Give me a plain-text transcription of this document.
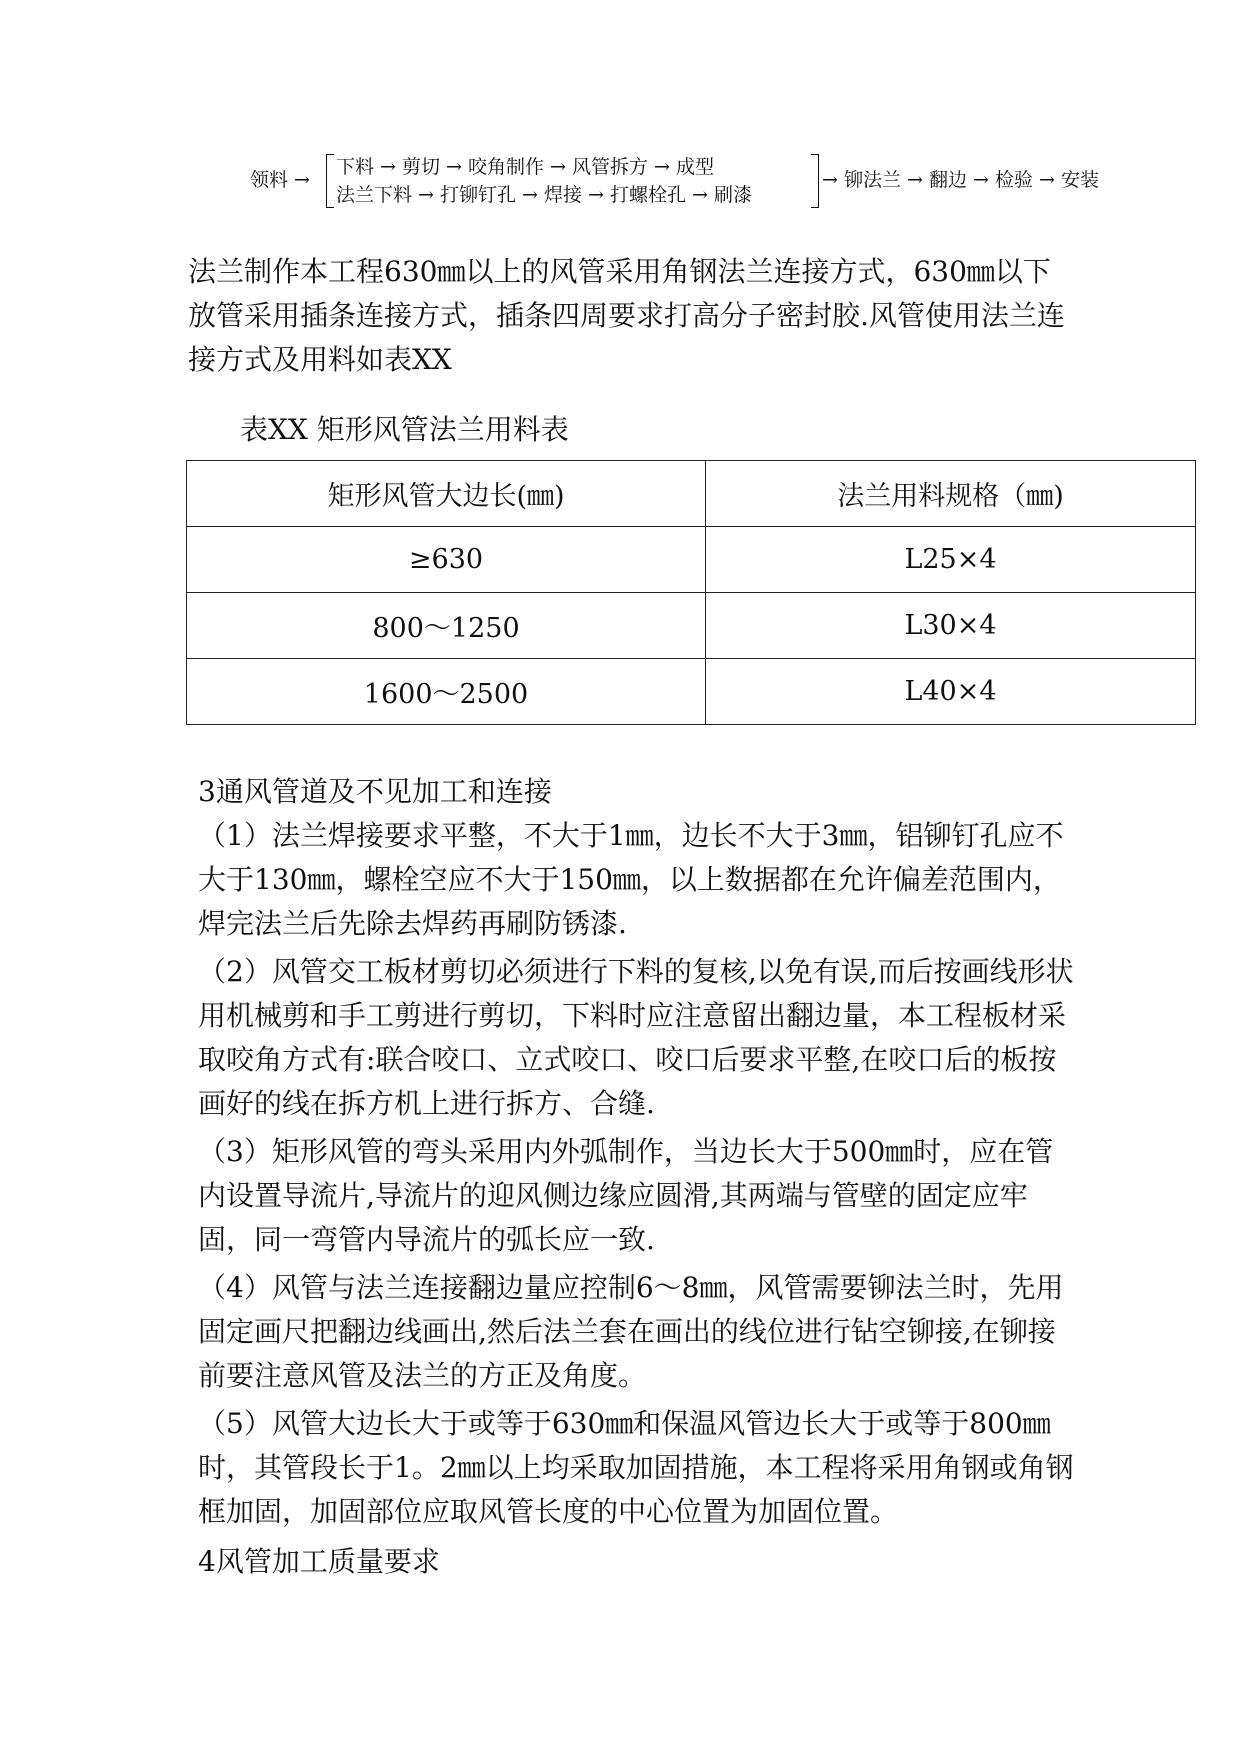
领料 →
下料 → 剪切 → 咬角制作 → 风管拆方 → 成型
法兰下料 → 打铆钉孔 → 焊接 → 打螺栓孔 → 刷漆
→ 铆法兰 → 翻边 → 检验 → 安装

法兰制作本工程630㎜以上的风管采用角钢法兰连接方式，630㎜以下放管采用插条连接方式，插条四周要求打高分子密封胶.风管使用法兰连接方式及用料如表XX

表XX 矩形风管法兰用料表
矩形风管大边长(㎜)	法兰用料规格（㎜)
≥630	L25×4
800～1250	L30×4
1600～2500	L40×4
3通风管道及不见加工和连接

（1）法兰焊接要求平整，不大于1㎜，边长不大于3㎜，铝铆钉孔应不大于130㎜，螺栓空应不大于150㎜，以上数据都在允许偏差范围内，焊完法兰后先除去焊药再刷防锈漆.

（2）风管交工板材剪切必须进行下料的复核,以免有误,而后按画线形状用机械剪和手工剪进行剪切，下料时应注意留出翻边量，本工程板材采取咬角方式有:联合咬口、立式咬口、咬口后要求平整,在咬口后的板按画好的线在拆方机上进行拆方、合缝.

（3）矩形风管的弯头采用内外弧制作，当边长大于500㎜时，应在管内设置导流片,导流片的迎风侧边缘应圆滑,其两端与管壁的固定应牢固，同一弯管内导流片的弧长应一致.

（4）风管与法兰连接翻边量应控制6～8㎜，风管需要铆法兰时，先用固定画尺把翻边线画出,然后法兰套在画出的线位进行钻空铆接,在铆接前要注意风管及法兰的方正及角度。

（5）风管大边长大于或等于630㎜和保温风管边长大于或等于800㎜时，其管段长于1。2㎜以上均采取加固措施，本工程将采用角钢或角钢框加固，加固部位应取风管长度的中心位置为加固位置。

4风管加工质量要求
